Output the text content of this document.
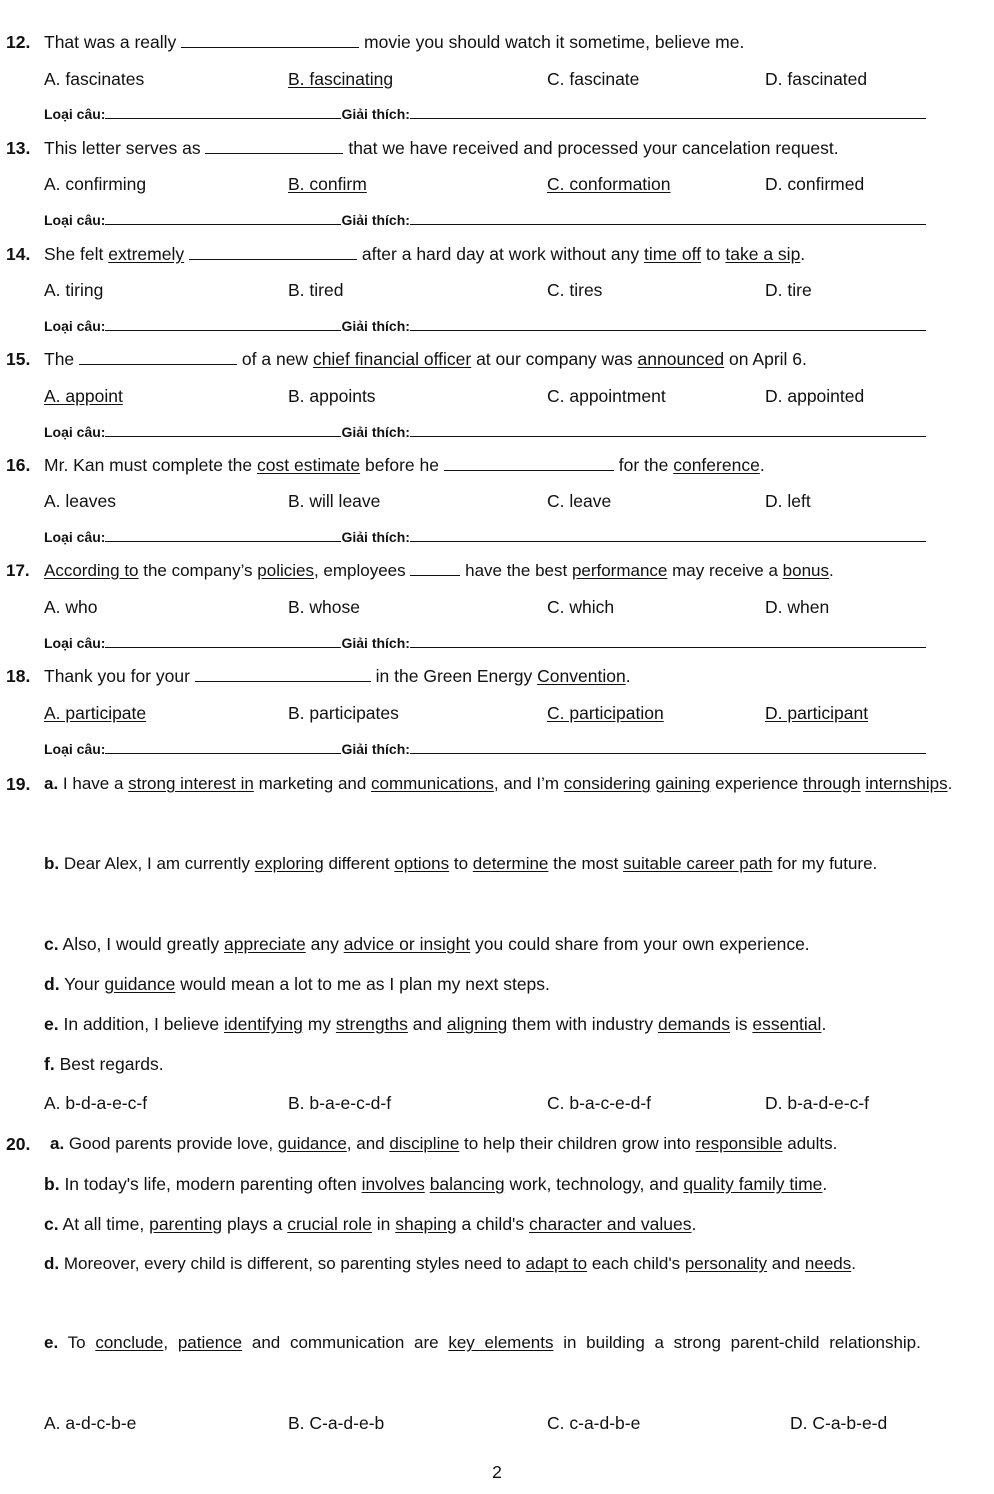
12. That was a really	movie you should watch it sometime, believe me.
A. fascinates	B. fascinating	C. fascinate	D. fascinated
Loại câu:	Giải thích:
13. This letter serves as	that we have received and processed your cancelation request.
A. confirming	B. confirm	C. conformation	D. confirmed
Loại câu:	Giải thích:
14. She felt extremely	after a hard day at work without any time off to take a sip.
A. tiring	B. tired	C. tires	D. tire
Loại câu:	Giải thích:
15. The	of a new chief financial officer at our company was announced on April 6.
A. appoint	B. appoints	C. appointment	D. appointed
Loại câu:	Giải thích:
16. Mr. Kan must complete the cost estimate before he	for the conference.
A. leaves	B. will leave	C. leave	D. left
Loại câu:	Giải thích:
17. According to the company’s policies, employees	have the best performance may receive a bonus.
A. who	B. whose	C. which	D. when
Loại câu:	Giải thích:
18. Thank you for your	in the Green Energy Convention.
A. participate	B. participates	C. participation	D. participant
Loại câu:	Giải thích:
19. a. I have a strong interest in marketing and communications, and I’m considering gaining experience through internships.
b. Dear Alex, I am currently exploring different options to determine the most suitable career path for my future.
c. Also, I would greatly appreciate any advice or insight you could share from your own experience.
d. Your guidance would mean a lot to me as I plan my next steps.
e. In addition, I believe identifying my strengths and aligning them with industry demands is essential.
f. Best regards.
A. b-d-a-e-c-f	B. b-a-e-c-d-f	C. b-a-c-e-d-f	D. b-a-d-e-c-f
20. a. Good parents provide love, guidance, and discipline to help their children grow into responsible adults.
b. In today's life, modern parenting often involves balancing work, technology, and quality family time.
c. At all time, parenting plays a crucial role in shaping a child's character and values.
d. Moreover, every child is different, so parenting styles need to adapt to each child's personality and needs.
e. To conclude, patience and communication are key elements in building a strong parent-child relationship.
A. a-d-c-b-e	B. C-a-d-e-b	C. c-a-d-b-e	D. C-a-b-e-d
2
